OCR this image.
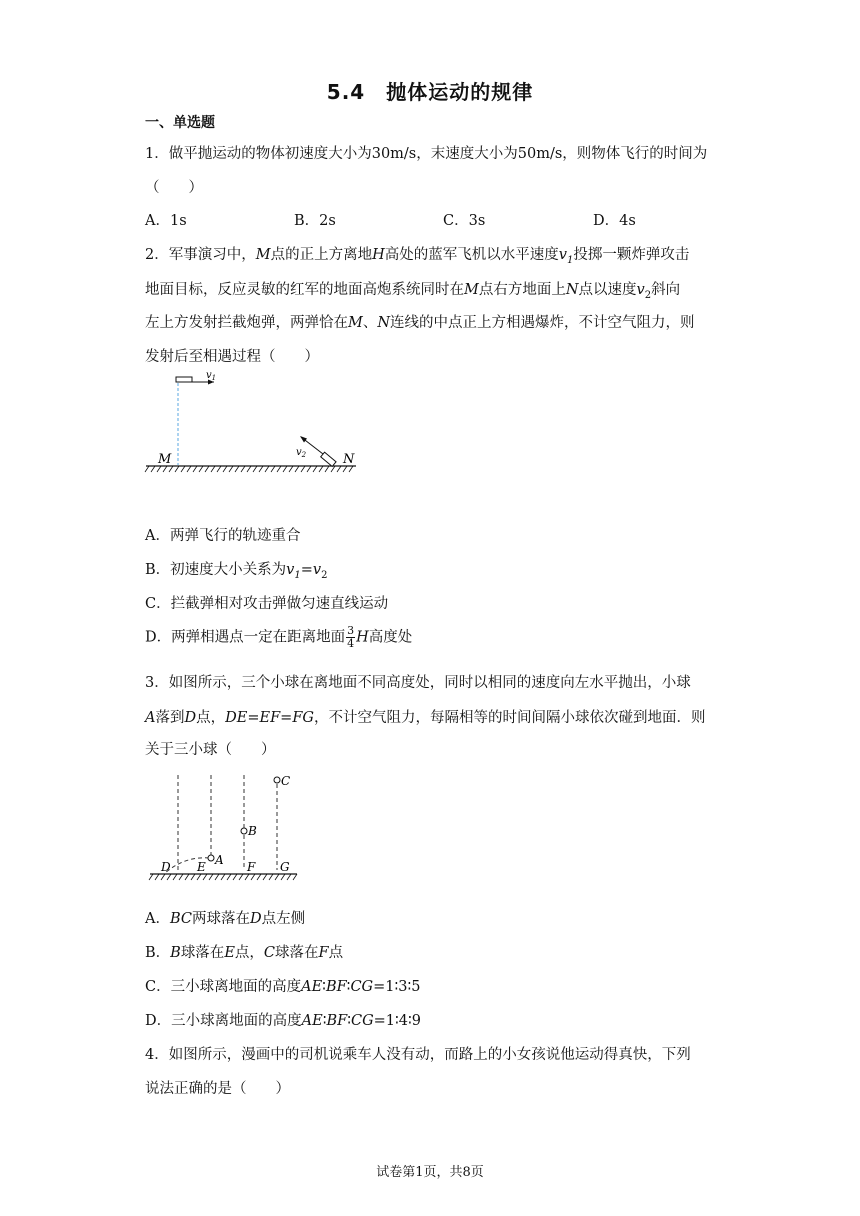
5.4　抛体运动的规律
一、单选题
1．做平抛运动的物体初速度大小为30m/s，末速度大小为50m/s，则物体飞行的时间为
（　　）
A．1s	B．2s	C．3s	D．4s
2．军事演习中，M点的正上方离地H高处的蓝军飞机以水平速度$v_1$投掷一颗炸弹攻击
地面目标，反应灵敏的红军的地面高炮系统同时在M点右方地面上N点以速度$v_2$斜向
左上方发射拦截炮弹，两弹恰在M、N连线的中点正上方相遇爆炸，不计空气阻力，则
发射后至相遇过程（　　）
$v_1$
M	N
$v_2$
A．两弹飞行的轨迹重合
B．初速度大小关系为$v_1=v_2$
C．拦截弹相对攻击弹做匀速直线运动
D．两弹相遇点一定在距离地面 $\frac{3}{4}$ H高度处
3．如图所示，三个小球在离地面不同高度处，同时以相同的速度向左水平抛出，小球
A落到D点，DE=EF=FG，不计空气阻力，每隔相等的时间间隔小球依次碰到地面．则
关于三小球（　　）
A
B
C
D E	F G
A．BC两球落在D点左侧
B．B球落在E点，C球落在F点
C．三小球离地面的高度AE∶BF∶CG=1∶3∶5
D．三小球离地面的高度AE∶BF∶CG=1∶4∶9
4．如图所示，漫画中的司机说乘车人没有动，而路上的小女孩说他运动得真快，下列
说法正确的是（　　）
试卷第1页，共8页
